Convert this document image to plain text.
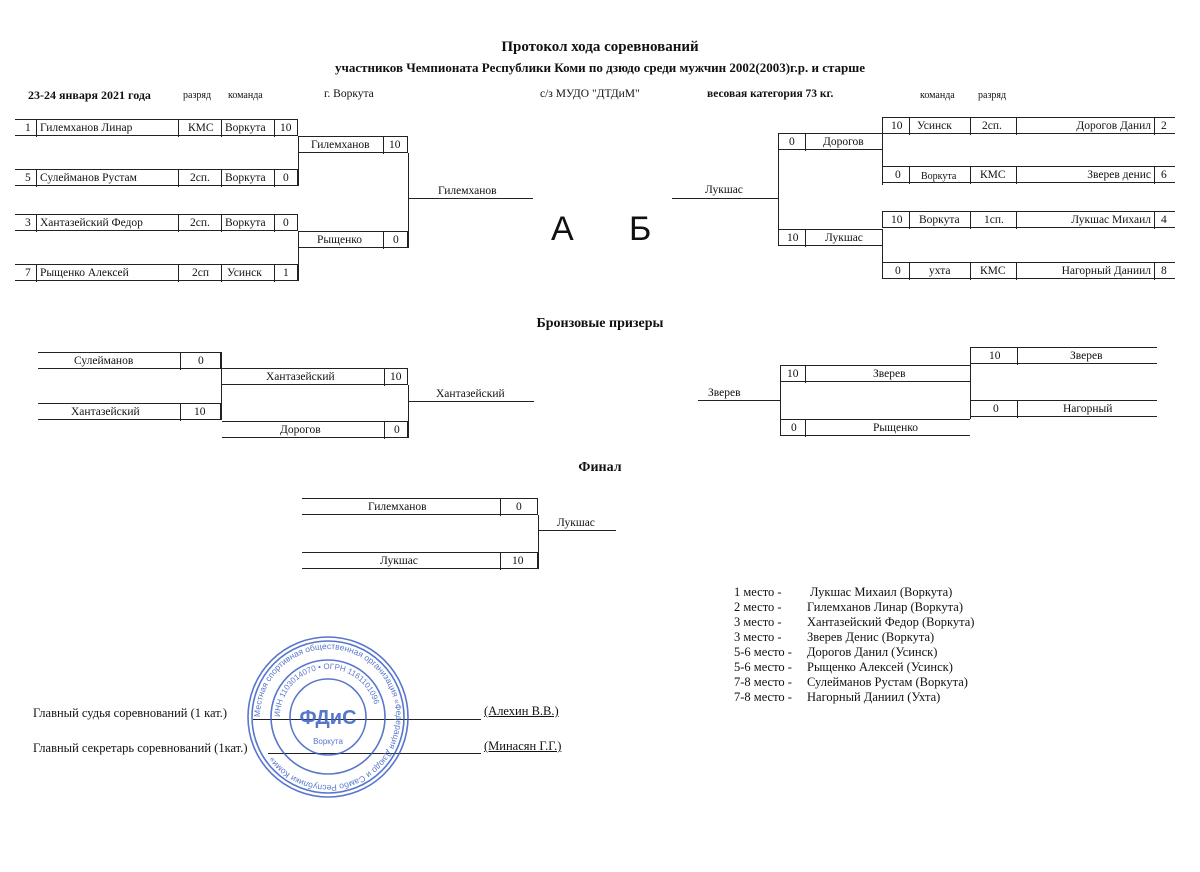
Протокол хода соревнований
участников Чемпионата Республики Коми по дзюдо среди мужчин 2002(2003)г.р. и старше
23-24 января 2021 года	разряд команда	г. Воркута	с/з МУДО "ДТДиМ"	весовая категория 73 кг.	команда разряд
1 Гилемханов Линар	КМС Воркута 10
5 Сулейманов Рустам	2сп. Воркута 0
3 Хантазейский Федор	2сп. Воркута 0
7 Рыщенко Алексей	2сп Усинск 1
Гилемханов 10
Рыщенко	0
Гилемханов
А Б
Лукшас
0 Дорогов
10 Лукшас
10 Усинск	2сп.	Дорогов Данил 2
0 Воркута КМС	Зверев денис 6
10 Воркута 1сп.	Лукшас Михаил 4
0 ухта	КМС	Нагорный Даниил 8
Бронзовые призеры
Сулейманов	0
Хантазейский	10
Хантазейский	10
Дорогов	0
Хантазейский	Зверев
10	Зверев
0	Рыщенко
10	Зверев
0	Нагорный
Финал
Гилемханов	0
Лукшас	10
Лукшас
1 место - Лукшас Михаил (Воркута)
2 место - Гилемханов Линар (Воркута)
3 место - Хантазейский Федор (Воркута)
3 место - Зверев Денис (Воркута)
5-6 место - Дорогов Данил (Усинск)
5-6 место - Рыщенко Алексей (Усинск)
7-8 место - Сулейманов Рустам (Воркута)
7-8 место - Нагорный Даниил (Ухта)
Главный судья соревнований (1 кат.)	(Алехин В.В.)
Главный секретарь соревнований (1кат.)	(Минасян Г.Г.)
Местная спортивная общественная организация «Федерация Дзюдо и Самбо Республики Коми»
ИНН 1103014070 • ОГРН 1161101096
ФДиС
Воркута
